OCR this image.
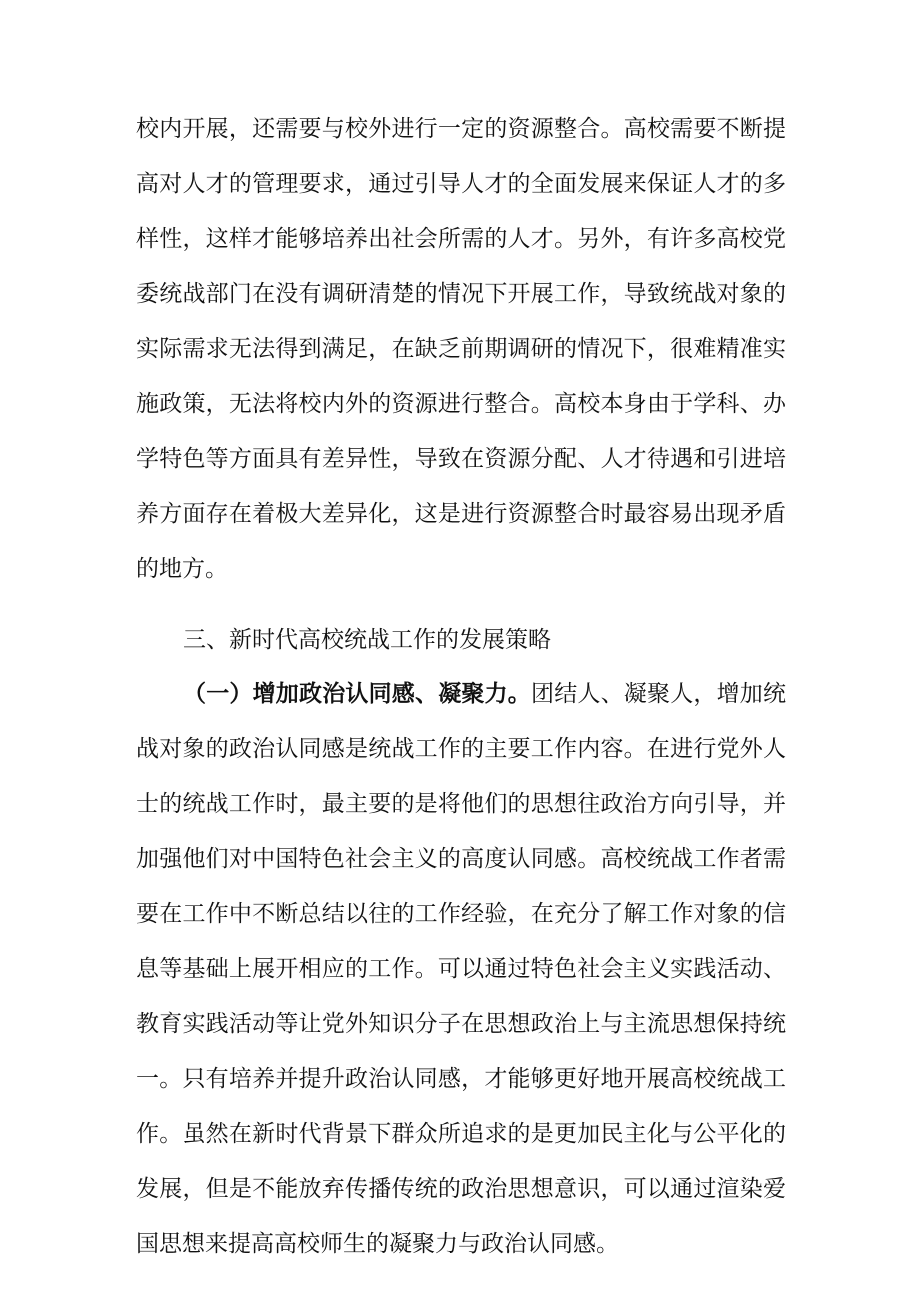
校内开展，还需要与校外进行一定的资源整合。高校需要不断提
高对人才的管理要求，通过引导人才的全面发展来保证人才的多
样性，这样才能够培养出社会所需的人才。另外，有许多高校党
委统战部门在没有调研清楚的情况下开展工作，导致统战对象的
实际需求无法得到满足，在缺乏前期调研的情况下，很难精准实
施政策，无法将校内外的资源进行整合。高校本身由于学科、办
学特色等方面具有差异性，导致在资源分配、人才待遇和引进培
养方面存在着极大差异化，这是进行资源整合时最容易出现矛盾
的地方。
三、新时代高校统战工作的发展策略
（一）增加政治认同感、凝聚力。团结人、凝聚人，增加统
战对象的政治认同感是统战工作的主要工作内容。在进行党外人
士的统战工作时，最主要的是将他们的思想往政治方向引导，并
加强他们对中国特色社会主义的高度认同感。高校统战工作者需
要在工作中不断总结以往的工作经验，在充分了解工作对象的信
息等基础上展开相应的工作。可以通过特色社会主义实践活动、
教育实践活动等让党外知识分子在思想政治上与主流思想保持统
一。只有培养并提升政治认同感，才能够更好地开展高校统战工
作。虽然在新时代背景下群众所追求的是更加民主化与公平化的
发展，但是不能放弃传播传统的政治思想意识，可以通过渲染爱
国思想来提高高校师生的凝聚力与政治认同感。
